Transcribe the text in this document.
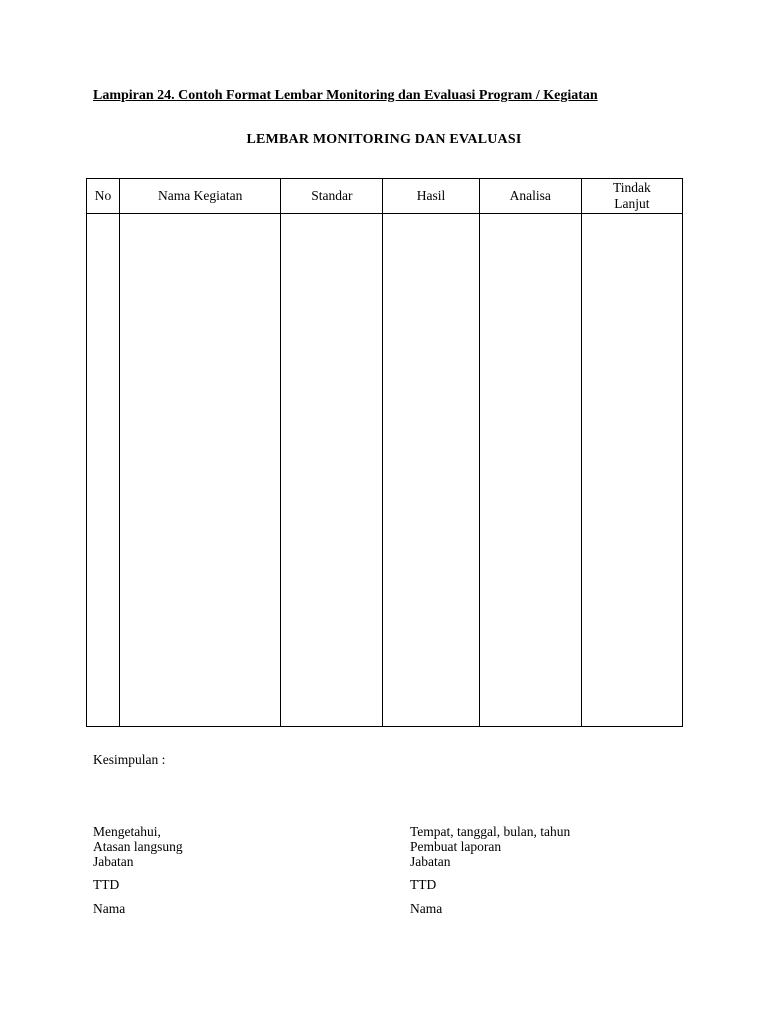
Lampiran 24. Contoh Format Lembar Monitoring dan Evaluasi Program / Kegiatan
LEMBAR MONITORING DAN EVALUASI
No	Nama Kegiatan	Standar	Hasil	Analisa	Tindak
Lanjut

Kesimpulan :
Mengetahui,
Atasan langsung
Jabatan
TTD
Nama
Tempat, tanggal, bulan, tahun
Pembuat laporan
Jabatan
TTD
Nama
